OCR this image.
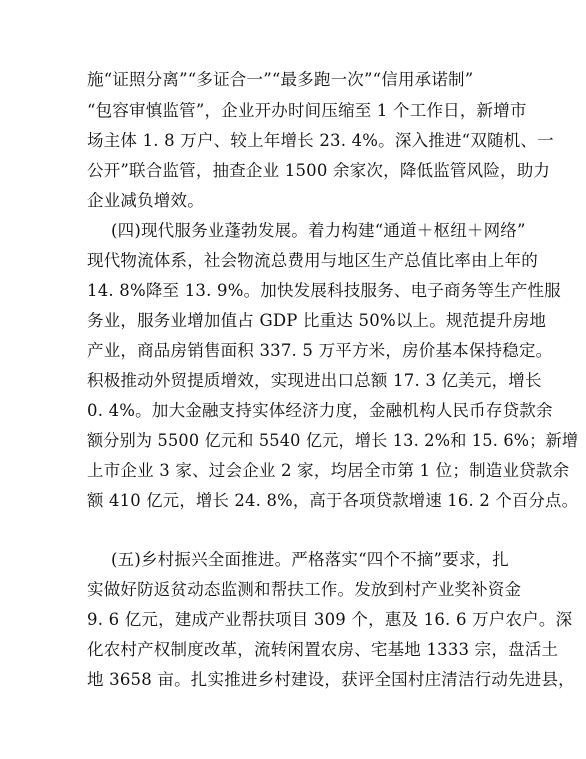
施“证照分离”“多证合一”“最多跑一次”“信用承诺制”
“包容审慎监管”，企业开办时间压缩至 1 个工作日，新增市
场主体 1. 8 万户、较上年增长 23. 4%。深入推进“双随机、一
公开”联合监管，抽查企业 1500 余家次，降低监管风险，助力
企业减负增效。
(四)现代服务业蓬勃发展。着力构建“通道＋枢纽＋网络”
现代物流体系，社会物流总费用与地区生产总值比率由上年的
14. 8%降至 13. 9%。加快发展科技服务、电子商务等生产性服
务业，服务业增加值占 GDP 比重达 50%以上。规范提升房地
产业，商品房销售面积 337. 5 万平方米，房价基本保持稳定。
积极推动外贸提质增效，实现进出口总额 17. 3 亿美元，增长
0. 4%。加大金融支持实体经济力度，金融机构人民币存贷款余
额分别为 5500 亿元和 5540 亿元，增长 13. 2%和 15. 6%；新增
上市企业 3 家、过会企业 2 家，均居全市第 1 位；制造业贷款余
额 410 亿元，增长 24. 8%，高于各项贷款增速 16. 2 个百分点。
(五)乡村振兴全面推进。严格落实“四个不摘”要求，扎
实做好防返贫动态监测和帮扶工作。发放到村产业奖补资金
9. 6 亿元，建成产业帮扶项目 309 个，惠及 16. 6 万户农户。深
化农村产权制度改革，流转闲置农房、宅基地 1333 宗，盘活土
地 3658 亩。扎实推进乡村建设，获评全国村庄清洁行动先进县，
